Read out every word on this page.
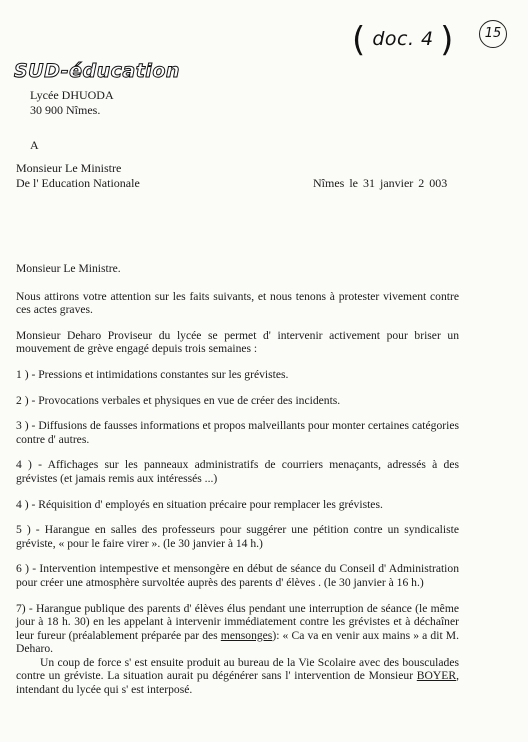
( doc. 4 )	15
SUD-éducation
Lycée DHUODA
30 900 Nîmes.
A
Monsieur Le Ministre
De l' Education Nationale	Nîmes le 31 janvier 2 003

Monsieur Le Ministre.

Nous attirons votre attention sur les faits suivants, et nous tenons à protester vivement contre ces actes graves.

Monsieur Deharo Proviseur du lycée se permet d' intervenir activement pour briser un mouvement de grève engagé depuis trois semaines :

1 ) - Pressions et intimidations constantes sur les grévistes.

2 ) - Provocations verbales et physiques en vue de créer des incidents.

3 ) - Diffusions de fausses informations et propos malveillants pour monter certaines catégories contre d' autres.

4 ) - Affichages sur les panneaux administratifs de courriers menaçants, adressés à des grévistes (et jamais remis aux intéressés ...)

4 ) - Réquisition d' employés en situation précaire pour remplacer les grévistes.

5 ) - Harangue en salles des professeurs pour suggérer une pétition contre un syndicaliste gréviste, « pour le faire virer ». (le 30 janvier à 14 h.)

6 ) - Intervention intempestive et mensongère en début de séance du Conseil d' Administration pour créer une atmosphère survoltée auprès des parents d' élèves . (le 30 janvier à 16 h.)

7) - Harangue publique des parents d' élèves élus pendant une interruption de séance (le même jour à 18 h. 30) en les appelant à intervenir immédiatement contre les grévistes et à déchaîner leur fureur (préalablement préparée par des mensonges): « Ca va en venir aux mains » a dit M. Deharo.

Un coup de force s' est ensuite produit au bureau de la Vie Scolaire avec des bousculades contre un gréviste. La situation aurait pu dégénérer sans l' intervention de Monsieur BOYER, intendant du lycée qui s' est interposé.
